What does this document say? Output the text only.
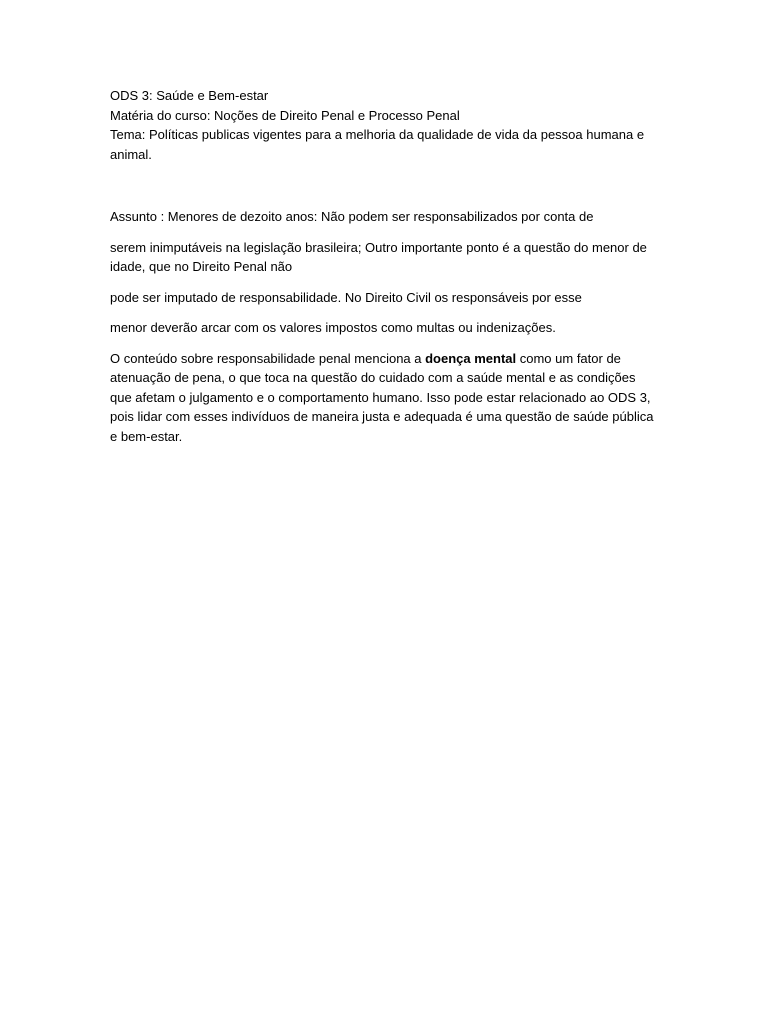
ODS 3: Saúde e Bem-estar

Matéria do curso: Noções de Direito Penal e Processo Penal

Tema: Políticas publicas vigentes para a melhoria da qualidade de vida da pessoa humana e animal.

Assunto : Menores de dezoito anos: Não podem ser responsabilizados por conta de

serem inimputáveis na legislação brasileira; Outro importante ponto é a questão do menor de idade, que no Direito Penal não

pode ser imputado de responsabilidade. No Direito Civil os responsáveis por esse

menor deverão arcar com os valores impostos como multas ou indenizações.

O conteúdo sobre responsabilidade penal menciona a doença mental como um fator de atenuação de pena, o que toca na questão do cuidado com a saúde mental e as condições que afetam o julgamento e o comportamento humano. Isso pode estar relacionado ao ODS 3, pois lidar com esses indivíduos de maneira justa e adequada é uma questão de saúde pública e bem-estar.
